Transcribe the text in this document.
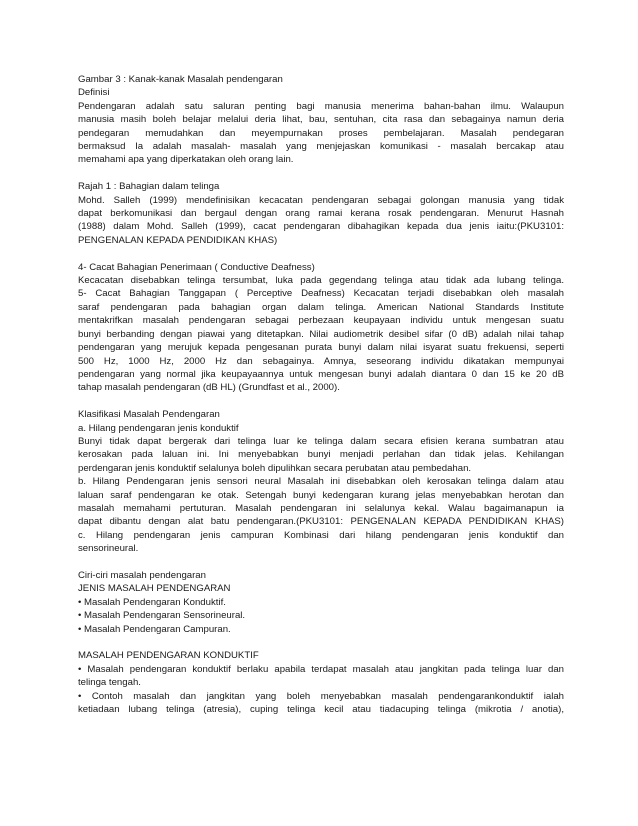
Gambar 3 : Kanak-kanak Masalah pendengaran
Definisi
Pendengaran adalah satu saluran penting bagi manusia menerima bahan-bahan ilmu. Walaupun
manusia masih boleh belajar melalui deria lihat, bau, sentuhan, cita rasa dan sebagainya namun deria
pendegaran memudahkan dan meyempurnakan proses pembelajaran. Masalah pendegaran
bermaksud Ia adalah masalah- masalah yang menjejaskan komunikasi - masalah bercakap atau
memahami apa yang diperkatakan oleh orang lain.
Rajah 1 : Bahagian dalam telinga
Mohd. Salleh (1999) mendefinisikan kecacatan pendengaran sebagai golongan manusia yang tidak
dapat berkomunikasi dan bergaul dengan orang ramai kerana rosak pendengaran. Menurut Hasnah
(1988) dalam Mohd. Salleh (1999), cacat pendengaran dibahagikan kepada dua jenis iaitu:(PKU3101:
PENGENALAN KEPADA PENDIDIKAN KHAS)
4- Cacat Bahagian Penerimaan ( Conductive Deafness)
Kecacatan disebabkan telinga tersumbat, luka pada gegendang telinga atau tidak ada lubang telinga.
5- Cacat Bahagian Tanggapan ( Perceptive Deafness) Kecacatan terjadi disebabkan oleh masalah
saraf pendengaran pada bahagian organ dalam telinga. American National Standards Institute
mentakrifkan masalah pendengaran sebagai perbezaan keupayaan individu untuk mengesan suatu
bunyi berbanding dengan piawai yang ditetapkan. Nilai audiometrik desibel sifar (0 dB) adalah nilai tahap
pendengaran yang merujuk kepada pengesanan purata bunyi dalam nilai isyarat suatu frekuensi, seperti
500 Hz, 1000 Hz, 2000 Hz dan sebagainya. Amnya, seseorang individu dikatakan mempunyai
pendengaran yang normal jika keupayaannya untuk mengesan bunyi adalah diantara 0 dan 15 ke 20 dB
tahap masalah pendengaran (dB HL) (Grundfast et al., 2000).
Klasifikasi Masalah Pendengaran
a. Hilang pendengaran jenis konduktif
Bunyi tidak dapat bergerak dari telinga luar ke telinga dalam secara efisien kerana sumbatran atau
kerosakan pada laluan ini. Ini menyebabkan bunyi menjadi perlahan dan tidak jelas. Kehilangan
perdengaran jenis konduktif selalunya boleh dipulihkan secara perubatan atau pembedahan.
b. Hilang Pendengaran jenis sensori neural Masalah ini disebabkan oleh kerosakan telinga dalam atau
laluan saraf pendengaran ke otak. Setengah bunyi kedengaran kurang jelas menyebabkan herotan dan
masalah memahami pertuturan. Masalah pendengaran ini selalunya kekal. Walau bagaimanapun ia
dapat dibantu dengan alat batu pendengaran.(PKU3101: PENGENALAN KEPADA PENDIDIKAN KHAS)
c. Hilang pendengaran jenis campuran Kombinasi dari hilang pendengaran jenis konduktif dan
sensorineural.
Ciri-ciri masalah pendengaran
JENIS MASALAH PENDENGARAN
• Masalah Pendengaran Konduktif.
• Masalah Pendengaran Sensorineural.
• Masalah Pendengaran Campuran.
MASALAH PENDENGARAN KONDUKTIF
• Masalah pendengaran konduktif berlaku apabila terdapat masalah atau jangkitan pada telinga luar dan
telinga tengah.
• Contoh masalah dan jangkitan yang boleh menyebabkan masalah pendengarankonduktif ialah
ketiadaan lubang telinga (atresia), cuping telinga kecil atau tiadacuping telinga (mikrotia / anotia),
